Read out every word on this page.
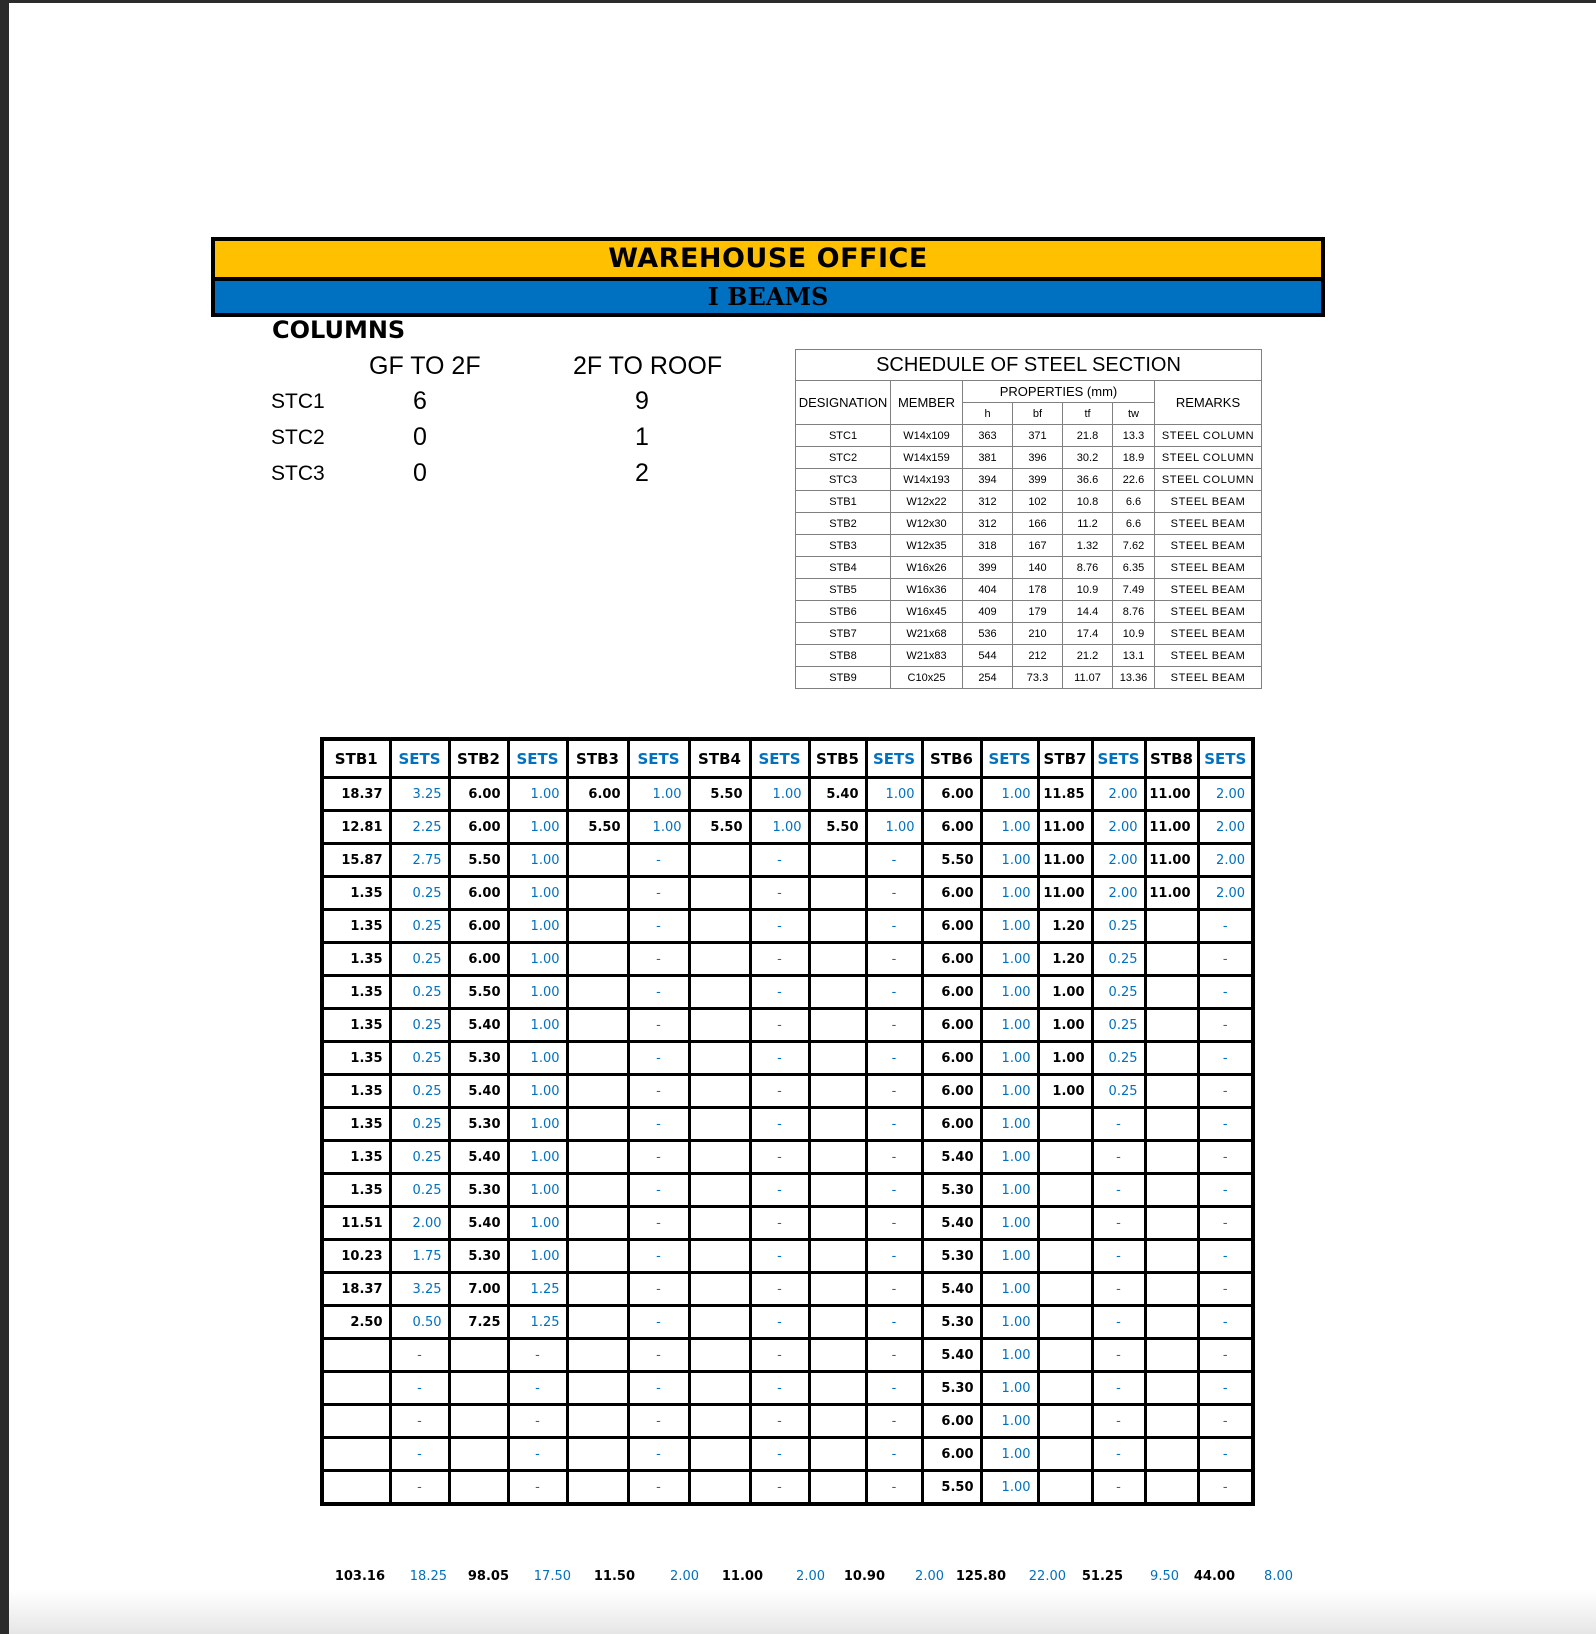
WAREHOUSE OFFICE
I BEAMS
COLUMNS
GF TO 2F	2F TO ROOF
STC1	6	9
STC2	0	1
STC3	0	2
SCHEDULE OF STEEL SECTION						
DESIGNATION	MEMBER	PROPERTIES (mm)				REMARKS
		h	bf	tf	tw	
STC1	W14x109	363	371	21.8	13.3	STEEL COLUMN
STC2	W14x159	381	396	30.2	18.9	STEEL COLUMN
STC3	W14x193	394	399	36.6	22.6	STEEL COLUMN
STB1	W12x22	312	102	10.8	6.6	STEEL BEAM
STB2	W12x30	312	166	11.2	6.6	STEEL BEAM
STB3	W12x35	318	167	1.32	7.62	STEEL BEAM
STB4	W16x26	399	140	8.76	6.35	STEEL BEAM
STB5	W16x36	404	178	10.9	7.49	STEEL BEAM
STB6	W16x45	409	179	14.4	8.76	STEEL BEAM
STB7	W21x68	536	210	17.4	10.9	STEEL BEAM
STB8	W21x83	544	212	21.2	13.1	STEEL BEAM
STB9	C10x25	254	73.3	11.07	13.36	STEEL BEAM
STB1	SETS	STB2	SETS	STB3	SETS	STB4	SETS	STB5	SETS	STB6	SETS	STB7	SETS	STB8	SETS
18.37	3.25	6.00	1.00	6.00	1.00	5.50	1.00	5.40	1.00	6.00	1.00	11.85	2.00	11.00	2.00
12.81	2.25	6.00	1.00	5.50	1.00	5.50	1.00	5.50	1.00	6.00	1.00	11.00	2.00	11.00	2.00
15.87	2.75	5.50	1.00		-		-		-	5.50	1.00	11.00	2.00	11.00	2.00
1.35	0.25	6.00	1.00		-		-		-	6.00	1.00	11.00	2.00	11.00	2.00
1.35	0.25	6.00	1.00		-		-		-	6.00	1.00	1.20	0.25		-
1.35	0.25	6.00	1.00		-		-		-	6.00	1.00	1.20	0.25		-
1.35	0.25	5.50	1.00		-		-		-	6.00	1.00	1.00	0.25		-
1.35	0.25	5.40	1.00		-		-		-	6.00	1.00	1.00	0.25		-
1.35	0.25	5.30	1.00		-		-		-	6.00	1.00	1.00	0.25		-
1.35	0.25	5.40	1.00		-		-		-	6.00	1.00	1.00	0.25		-
1.35	0.25	5.30	1.00		-		-		-	6.00	1.00		-		-
1.35	0.25	5.40	1.00		-		-		-	5.40	1.00		-		-
1.35	0.25	5.30	1.00		-		-		-	5.30	1.00		-		-
11.51	2.00	5.40	1.00		-		-		-	5.40	1.00		-		-
10.23	1.75	5.30	1.00		-		-		-	5.30	1.00		-		-
18.37	3.25	7.00	1.25		-		-		-	5.40	1.00		-		-
2.50	0.50	7.25	1.25		-		-		-	5.30	1.00		-		-
	-		-		-		-		-	5.40	1.00		-		-
	-		-		-		-		-	5.30	1.00		-		-
	-		-		-		-		-	6.00	1.00		-		-
	-		-		-		-		-	6.00	1.00		-		-
	-		-		-		-		-	5.50	1.00		-		-
103.16	18.25	98.05	17.50	11.50	2.00	11.00	2.00	10.90	2.00	125.80	22.00	51.25	9.50	44.00	8.00
